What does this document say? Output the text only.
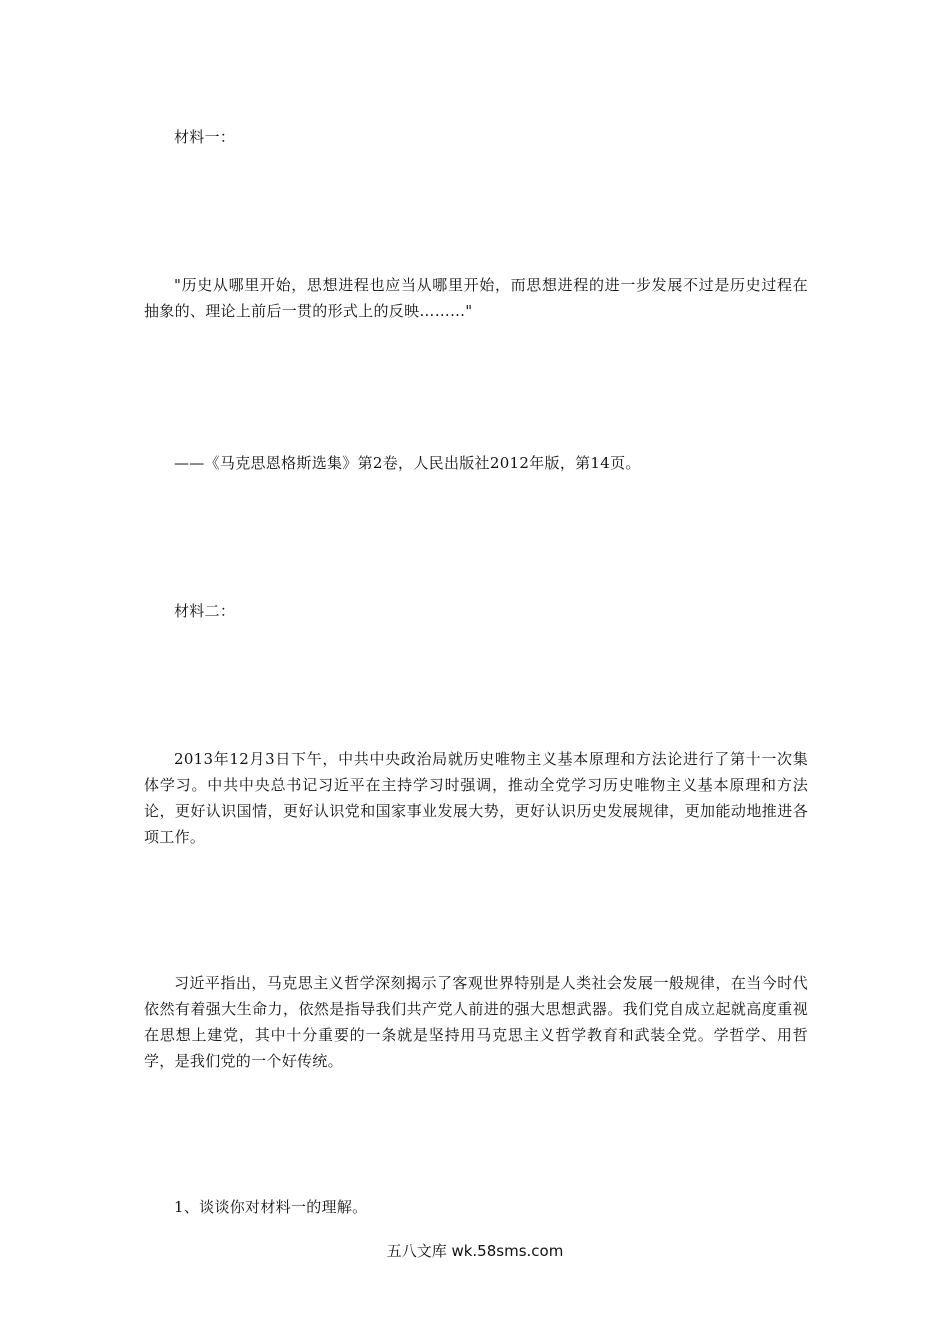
材料一：

"历史从哪里开始，思想进程也应当从哪里开始，而思想进程的进一步发展不过是历史过程在抽象的、理论上前后一贯的形式上的反映………"

——《马克思恩格斯选集》第2卷，人民出版社2012年版，第14页。

材料二：

2013年12月3日下午，中共中央政治局就历史唯物主义基本原理和方法论进行了第十一次集体学习。中共中央总书记习近平在主持学习时强调，推动全党学习历史唯物主义基本原理和方法论，更好认识国情，更好认识党和国家事业发展大势，更好认识历史发展规律，更加能动地推进各项工作。

习近平指出，马克思主义哲学深刻揭示了客观世界特别是人类社会发展一般规律，在当今时代依然有着强大生命力，依然是指导我们共产党人前进的强大思想武器。我们党自成立起就高度重视在思想上建党，其中十分重要的一条就是坚持用马克思主义哲学教育和武装全党。学哲学、用哲学，是我们党的一个好传统。

1、谈谈你对材料一的理解。

五八文库 wk.58sms.com
